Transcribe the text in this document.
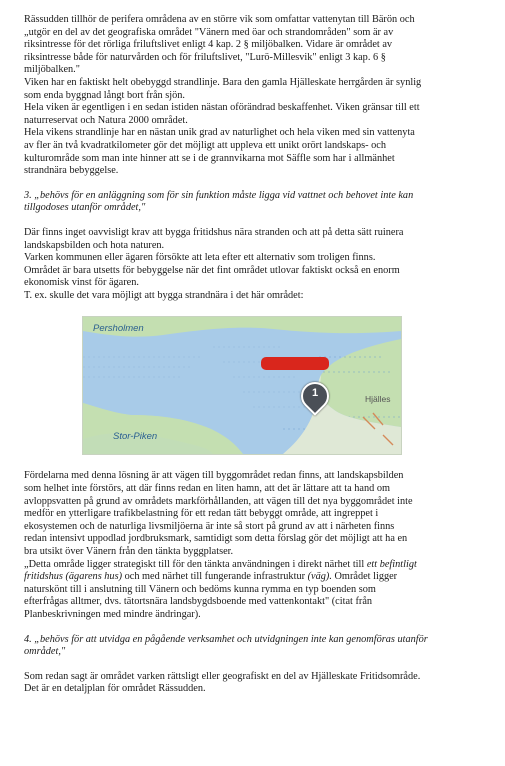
Rässudden tillhör de perifera områdena av en större vik som omfattar vattenytan till Bärön och

„utgör en del av det geografiska området "Vänern med öar och strandområden" som är av

riksintresse för det rörliga friluftslivet enligt 4 kap. 2 § miljöbalken. Vidare är området av

riksintresse både för naturvården och för friluftslivet, "Lurö-Millesvik" enligt 3 kap. 6 §

miljöbalken."

Viken har en faktiskt helt obebyggd strandlinje. Bara den gamla Hjälleskate herrgården är synlig

som enda byggnad långt bort från sjön.

Hela viken är egentligen i en sedan istiden nästan oförändrad beskaffenhet. Viken gränsar till ett

naturreservat och Natura 2000 området.

Hela vikens strandlinje har en nästan unik grad av naturlighet och hela viken med sin vattenyta

av fler än två kvadratkilometer gör det möjligt att uppleva ett unikt orört landskaps- och

kulturområde som man inte hinner att se i de grannvikarna mot Säffle som har i allmänhet

strandnära bebyggelse.

3. „behövs för en anläggning som för sin funktion måste ligga vid vattnet och behovet inte kan

tillgodoses utanför området,"

Där finns inget oavvisligt krav att bygga fritidshus nära stranden och att på detta sätt ruinera

landskapsbilden och hota naturen.

Varken kommunen eller ägaren försökte att leta efter ett alternativ som troligen finns.

Området är bara utsetts för bebyggelse när det fint området utlovar faktiskt också en enorm

ekonomisk vinst för ägaren.

T. ex. skulle det vara möjligt att bygga strandnära i det här området:

Persholmen
Stor-Piken
Hjälles
1

Fördelarna med denna lösning är att vägen till byggområdet redan finns, att landskapsbilden

som helhet inte förstörs, att där finns redan en liten hamn, att det är lättare att ta hand om

avloppsvatten på grund av områdets markförhållanden, att vägen till det nya byggområdet inte

medför en ytterligare trafikbelastning för ett redan tätt bebyggt område, att ingreppet i

ekosystemen och de naturliga livsmiljöerna är inte så stort på grund av att i närheten finns

redan intensivt uppodlad jordbruksmark, samtidigt som detta förslag gör det möjligt att ha en

bra utsikt över Vänern från den tänkta byggplatser.

„Detta område ligger strategiskt till för den tänkta användningen i direkt närhet till ett befintligt

fritidshus (ägarens hus) och med närhet till fungerande infrastruktur (väg). Området ligger

naturskönt till i anslutning till Vänern och bedöms kunna rymma en typ boenden som

efterfrågas alltmer, dvs. tätortsnära landsbygdsboende med vattenkontakt" (citat från

Planbeskrivningen med mindre ändringar).

4. „behövs för att utvidga en pågående verksamhet och utvidgningen inte kan genomföras utanför

området,"

Som redan sagt är området varken rättsligt eller geografiskt en del av Hjälleskate Fritidsområde.

Det är en detaljplan för området Rässudden.
